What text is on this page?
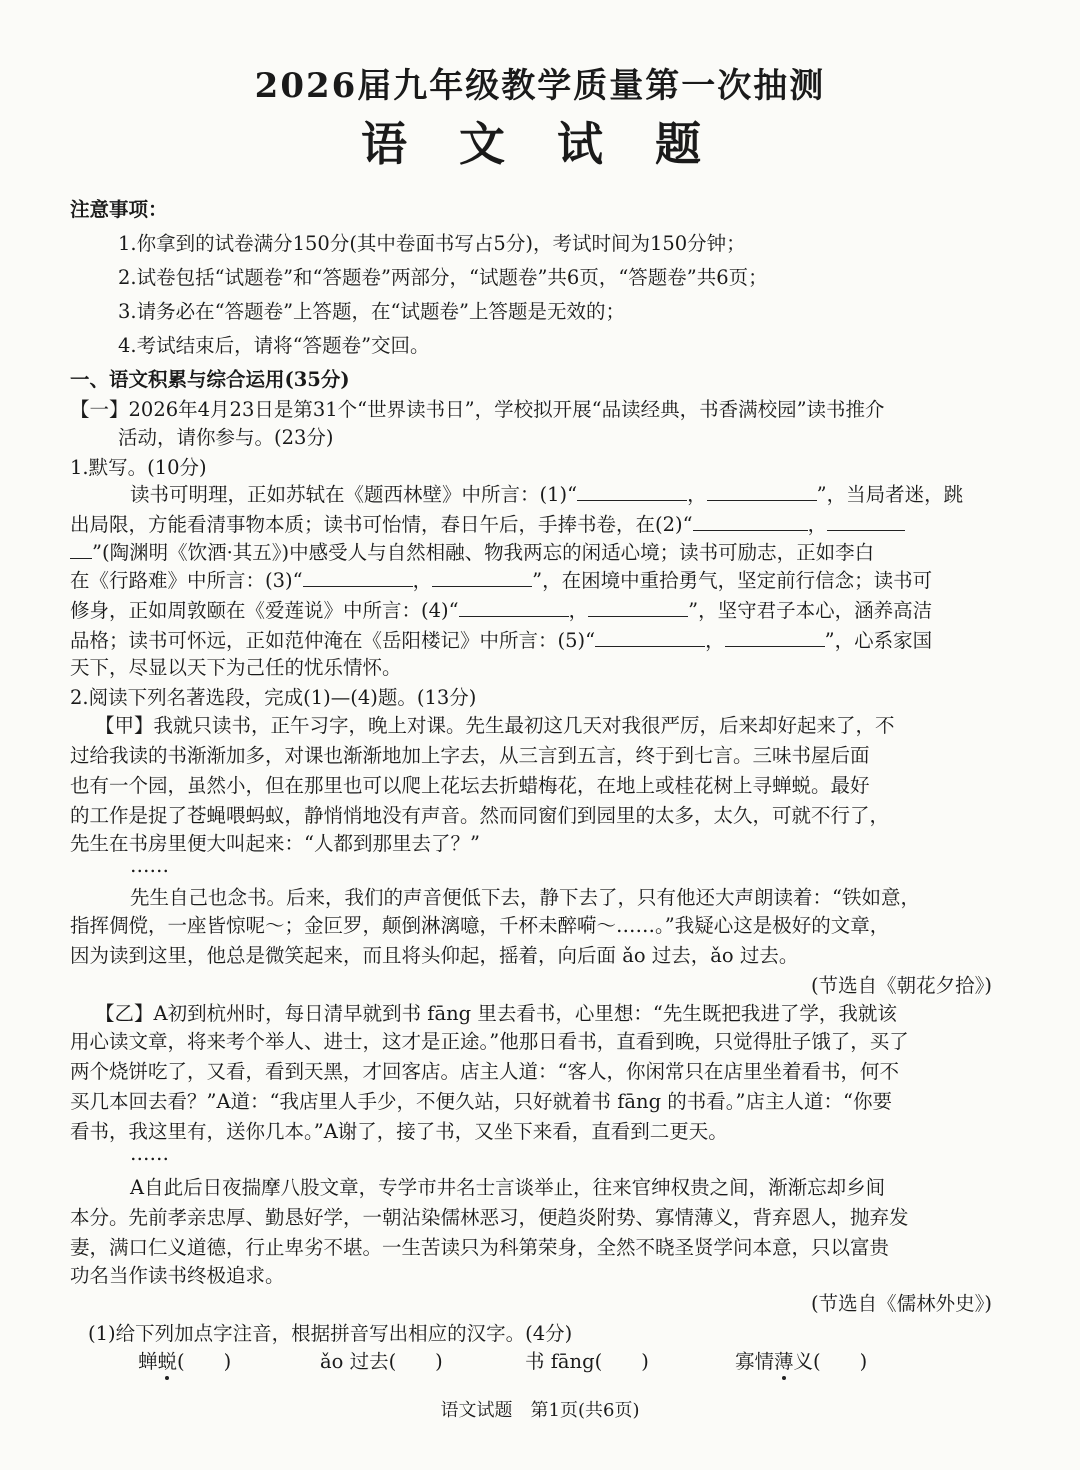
2026届九年级教学质量第一次抽测
语 文 试 题
注意事项：
1.你拿到的试卷满分150分(其中卷面书写占5分)，考试时间为150分钟；
2.试卷包括“试题卷”和“答题卷”两部分，“试题卷”共6页，“答题卷”共6页；
3.请务必在“答题卷”上答题，在“试题卷”上答题是无效的；
4.考试结束后，请将“答题卷”交回。
一、语文积累与综合运用(35分)
【一】2026年4月23日是第31个“世界读书日”，学校拟开展“品读经典，书香满校园”读书推介
活动，请你参与。(23分)
1.默写。(10分)
读书可明理，正如苏轼在《题西林壁》中所言：(1)“	，	”，当局者迷，跳
出局限，方能看清事物本质；读书可怡情，春日午后，手捧书卷，在(2)“	，
”(陶渊明《饮酒·其五》)中感受人与自然相融、物我两忘的闲适心境；读书可励志，正如李白
在《行路难》中所言：(3)“	，	”，在困境中重拾勇气，坚定前行信念；读书可
修身，正如周敦颐在《爱莲说》中所言：(4)“	，	”，坚守君子本心，涵养高洁
品格；读书可怀远，正如范仲淹在《岳阳楼记》中所言：(5)“	，	”，心系家国
天下，尽显以天下为己任的忧乐情怀。
2.阅读下列名著选段，完成(1)—(4)题。(13分)
【甲】我就只读书，正午习字，晚上对课。先生最初这几天对我很严厉，后来却好起来了，不
过给我读的书渐渐加多，对课也渐渐地加上字去，从三言到五言，终于到七言。三味书屋后面
也有一个园，虽然小，但在那里也可以爬上花坛去折蜡梅花，在地上或桂花树上寻蝉蜕。最好
的工作是捉了苍蝇喂蚂蚁，静悄悄地没有声音。然而同窗们到园里的太多，太久，可就不行了，
先生在书房里便大叫起来：“人都到那里去了？”
……
先生自己也念书。后来，我们的声音便低下去，静下去了，只有他还大声朗读着：“铁如意，
指挥倜傥，一座皆惊呢～；金叵罗，颠倒淋漓噫，千杯未醉嗬～……。”我疑心这是极好的文章，
因为读到这里，他总是微笑起来，而且将头仰起，摇着，向后面 ǎo 过去，ǎo 过去。
(节选自《朝花夕拾》)
【乙】A初到杭州时，每日清早就到书 fāng 里去看书，心里想：“先生既把我进了学，我就该
用心读文章，将来考个举人、进士，这才是正途。”他那日看书，直看到晚，只觉得肚子饿了，买了
两个烧饼吃了，又看，看到天黑，才回客店。店主人道：“客人，你闲常只在店里坐着看书，何不
买几本回去看？”A道：“我店里人手少，不便久站，只好就着书 fāng 的书看。”店主人道：“你要
看书，我这里有，送你几本。”A谢了，接了书，又坐下来看，直看到二更天。
……
A自此后日夜揣摩八股文章，专学市井名士言谈举止，往来官绅权贵之间，渐渐忘却乡间
本分。先前孝亲忠厚、勤恳好学，一朝沾染儒林恶习，便趋炎附势、寡情薄义，背弃恩人，抛弃发
妻，满口仁义道德，行止卑劣不堪。一生苦读只为科第荣身，全然不晓圣贤学问本意，只以富贵
功名当作读书终极追求。
(节选自《儒林外史》)
(1)给下列加点字注音，根据拼音写出相应的汉字。(4分)
蝉蜕(　　)
语文试题　第1页(共6页)
ǎo 过去(　　)	书 fāng(　　)	寡情薄义(　　)
